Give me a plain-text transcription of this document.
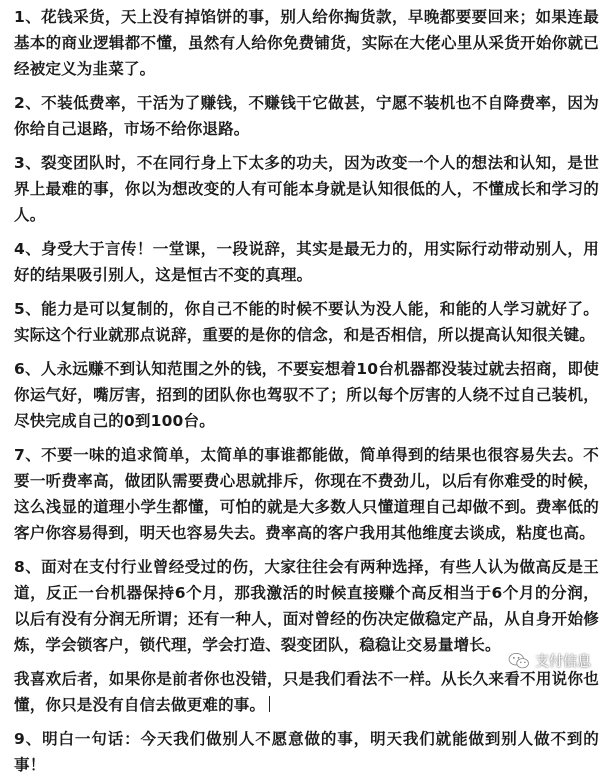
1、花钱采货，天上没有掉馅饼的事，别人给你掏货款，早晚都要要回来；如果连最基本的商业逻辑都不懂，虽然有人给你免费铺货，实际在大佬心里从采货开始你就已经被定义为韭菜了。

2、不装低费率，干活为了赚钱，不赚钱干它做甚，宁愿不装机也不自降费率，因为你给自己退路，市场不给你退路。

3、裂变团队时，不在同行身上下太多的功夫，因为改变一个人的想法和认知，是世界上最难的事，你以为想改变的人有可能本身就是认知很低的人，不懂成长和学习的人。

4、身受大于言传！一堂课，一段说辞，其实是最无力的，用实际行动带动别人，用好的结果吸引别人，这是恒古不变的真理。

5、能力是可以复制的，你自己不能的时候不要认为没人能，和能的人学习就好了。实际这个行业就那点说辞，重要的是你的信念，和是否相信，所以提高认知很关键。

6、人永远赚不到认知范围之外的钱，不要妄想着10台机器都没装过就去招商，即使你运气好，嘴厉害，招到的团队你也驾驭不了；所以每个厉害的人绕不过自己装机，尽快完成自己的0到100台。

7、不要一味的追求简单，太简单的事谁都能做，简单得到的结果也很容易失去。不要一听费率高，做团队需要费心思就排斥，你现在不费劲儿，以后有你难受的时候，这么浅显的道理小学生都懂，可怕的就是大多数人只懂道理自己却做不到。费率低的客户你容易得到，明天也容易失去。费率高的客户我用其他维度去谈成，粘度也高。

8、面对在支付行业曾经受过的伤，大家往往会有两种选择，有些人认为做高反是王道，反正一台机器保持6个月，那我激活的时候直接赚个高反相当于6个月的分润，以后有没有分润无所谓；还有一种人，面对曾经的伤决定做稳定产品，从自身开始修炼，学会锁客户，锁代理，学会打造、裂变团队，稳稳让交易量增长。

我喜欢后者，如果你是前者你也没错，只是我们看法不一样。从长久来看不用说你也懂，你只是没有自信去做更难的事。

9、明白一句话：今天我们做别人不愿意做的事，明天我们就能做到别人做不到的事！

支付信息
